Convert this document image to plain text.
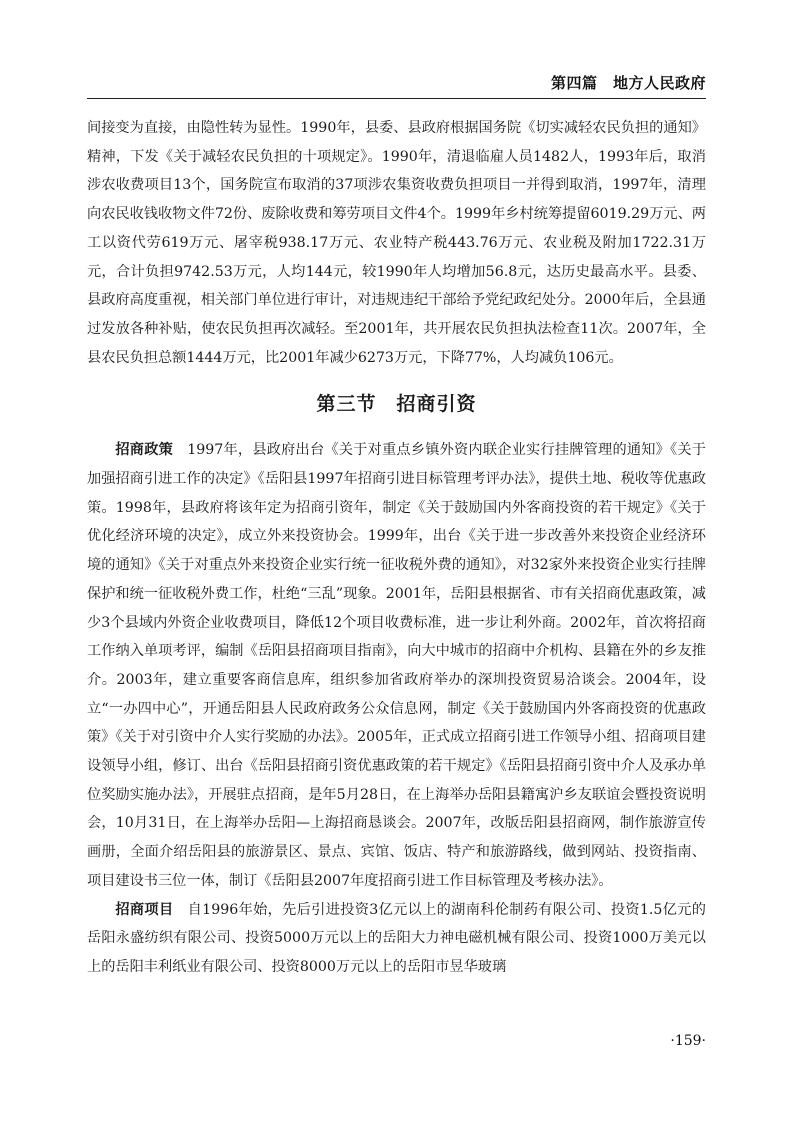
第四篇　地方人民政府

间接变为直接，由隐性转为显性。1990年，县委、县政府根据国务院《切实减轻农民负担的通知》精神，下发《关于减轻农民负担的十项规定》。1990年，清退临雇人员1482人，1993年后，取消涉农收费项目13个，国务院宣布取消的37项涉农集资收费负担项目一并得到取消，1997年，清理向农民收钱收物文件72份、废除收费和筹劳项目文件4个。1999年乡村统筹提留6019.29万元、两工以资代劳619万元、屠宰税938.17万元、农业特产税443.76万元、农业税及附加1722.31万元，合计负担9742.53万元，人均144元，较1990年人均增加56.8元，达历史最高水平。县委、县政府高度重视，相关部门单位进行审计，对违规违纪干部给予党纪政纪处分。2000年后，全县通过发放各种补贴，使农民负担再次减轻。至2001年，共开展农民负担执法检查11次。2007年，全县农民负担总额1444万元，比2001年减少6273万元，下降77%，人均减负106元。

第三节　招商引资

招商政策 1997年，县政府出台《关于对重点乡镇外资内联企业实行挂牌管理的通知》《关于加强招商引进工作的决定》《岳阳县1997年招商引进目标管理考评办法》，提供土地、税收等优惠政策。1998年，县政府将该年定为招商引资年，制定《关于鼓励国内外客商投资的若干规定》《关于优化经济环境的决定》，成立外来投资协会。1999年，出台《关于进一步改善外来投资企业经济环境的通知》《关于对重点外来投资企业实行统一征收税外费的通知》，对32家外来投资企业实行挂牌保护和统一征收税外费工作，杜绝“三乱”现象。2001年，岳阳县根据省、市有关招商优惠政策，减少3个县域内外资企业收费项目，降低12个项目收费标准，进一步让利外商。2002年，首次将招商工作纳入单项考评，编制《岳阳县招商项目指南》，向大中城市的招商中介机构、县籍在外的乡友推介。2003年，建立重要客商信息库，组织参加省政府举办的深圳投资贸易洽谈会。2004年，设立“一办四中心”，开通岳阳县人民政府政务公众信息网，制定《关于鼓励国内外客商投资的优惠政策》《关于对引资中介人实行奖励的办法》。2005年，正式成立招商引进工作领导小组、招商项目建设领导小组，修订、出台《岳阳县招商引资优惠政策的若干规定》《岳阳县招商引资中介人及承办单位奖励实施办法》，开展驻点招商，是年5月28日，在上海举办岳阳县籍寓沪乡友联谊会暨投资说明会，10月31日，在上海举办岳阳—上海招商恳谈会。2007年，改版岳阳县招商网，制作旅游宣传画册，全面介绍岳阳县的旅游景区、景点、宾馆、饭店、特产和旅游路线，做到网站、投资指南、项目建设书三位一体，制订《岳阳县2007年度招商引进工作目标管理及考核办法》。

招商项目 自1996年始，先后引进投资3亿元以上的湖南科伦制药有限公司、投资1.5亿元的岳阳永盛纺织有限公司、投资5000万元以上的岳阳大力神电磁机械有限公司、投资1000万美元以上的岳阳丰利纸业有限公司、投资8000万元以上的岳阳市昱华玻璃

·159·
